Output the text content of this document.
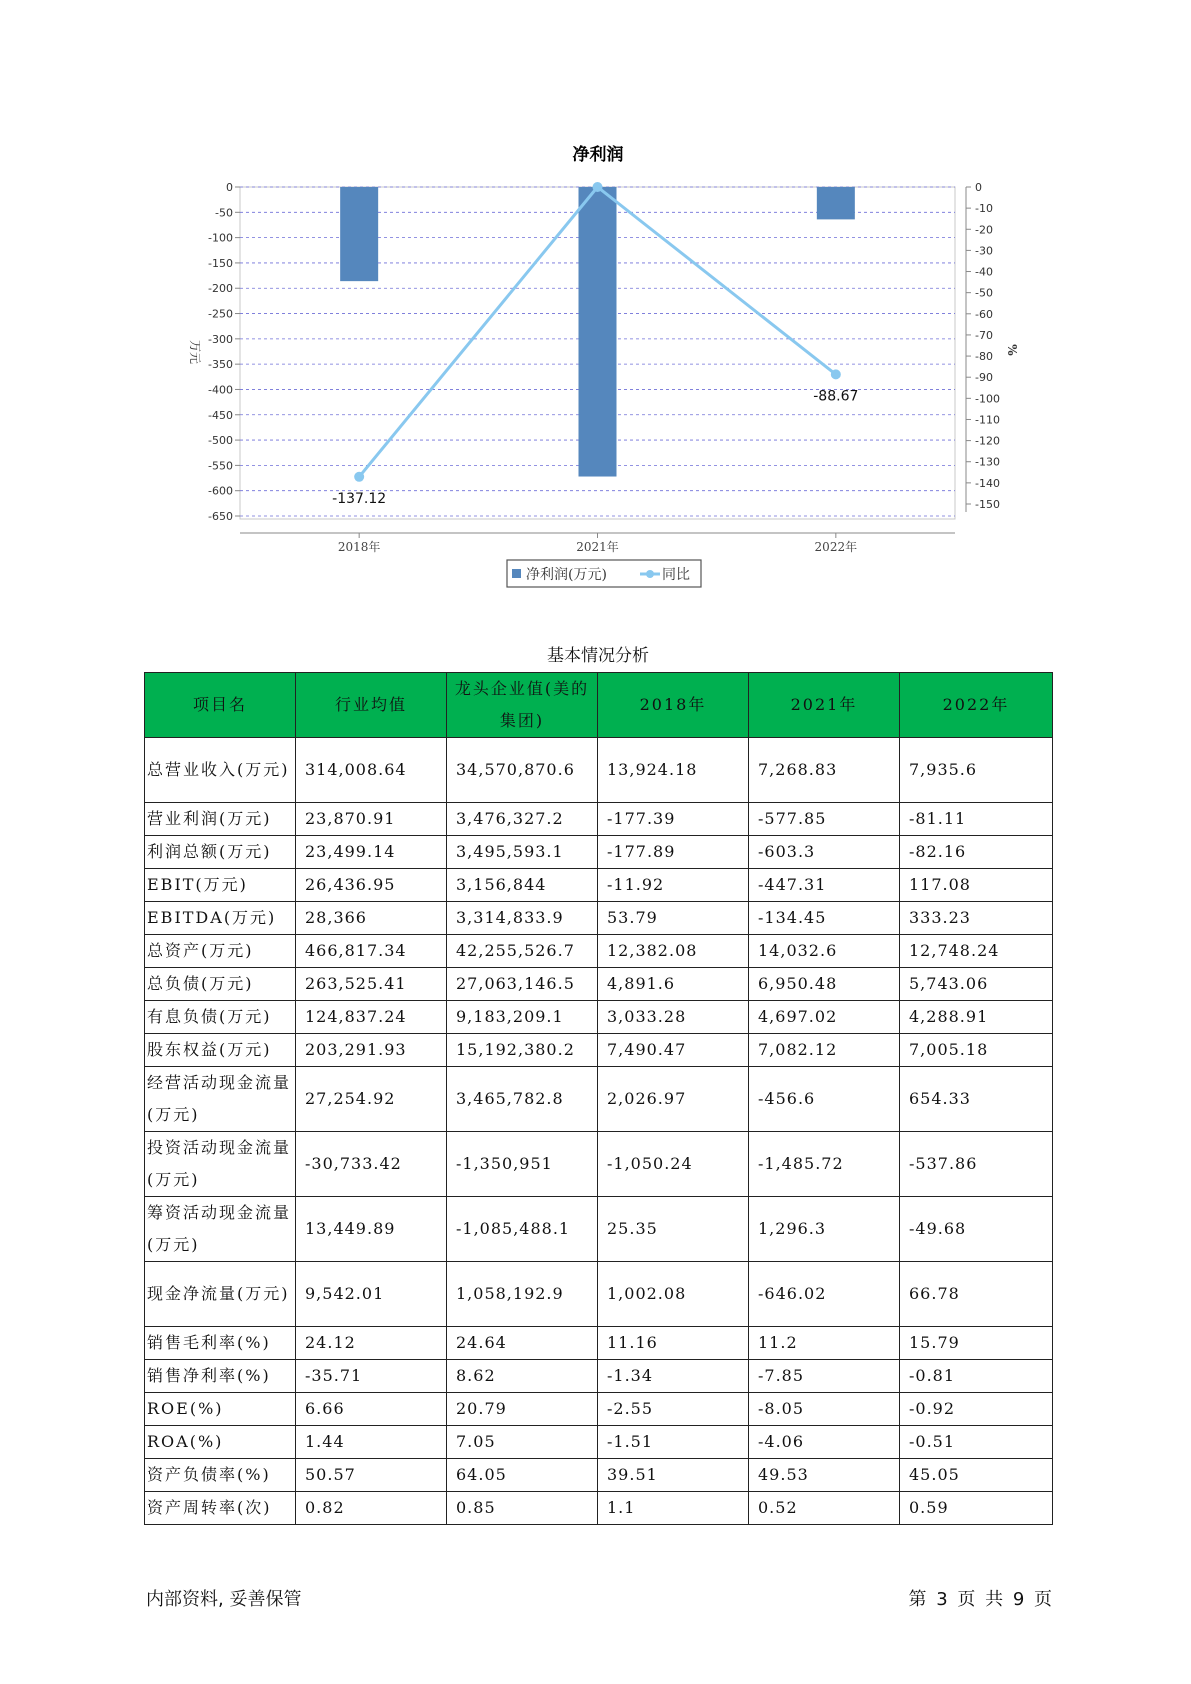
净利润
-137.12
-88.67
0
-50
-100
-150
-200
-250
-300
-350
-400
-450
-500
-550
-600
-650
0
-10
-20
-30
-40
-50
-60
-70
-80
-90
-100
-110
-120
-130
-140
-150
2018年	2021年	2022年
万元	%
净利润(万元)	同比
基本情况分析
项目名	行业均值	龙头企业值(美的集团)	2018年	2021年	2022年
总营业收入(万元)	314,008.64	34,570,870.6	13,924.18	7,268.83	7,935.6
营业利润(万元)	23,870.91	3,476,327.2	-177.39	-577.85	-81.11
利润总额(万元)	23,499.14	3,495,593.1	-177.89	-603.3	-82.16
EBIT(万元)	26,436.95	3,156,844	-11.92	-447.31	117.08
EBITDA(万元)	28,366	3,314,833.9	53.79	-134.45	333.23
总资产(万元)	466,817.34	42,255,526.7	12,382.08	14,032.6	12,748.24
总负债(万元)	263,525.41	27,063,146.5	4,891.6	6,950.48	5,743.06
有息负债(万元)	124,837.24	9,183,209.1	3,033.28	4,697.02	4,288.91
股东权益(万元)	203,291.93	15,192,380.2	7,490.47	7,082.12	7,005.18
经营活动现金流量(万元)	27,254.92	3,465,782.8	2,026.97	-456.6	654.33
投资活动现金流量(万元)	-30,733.42	-1,350,951	-1,050.24	-1,485.72	-537.86
筹资活动现金流量(万元)	13,449.89	-1,085,488.1	25.35	1,296.3	-49.68
现金净流量(万元)	9,542.01	1,058,192.9	1,002.08	-646.02	66.78
销售毛利率(%)	24.12	24.64	11.16	11.2	15.79
销售净利率(%)	-35.71	8.62	-1.34	-7.85	-0.81
ROE(%)	6.66	20.79	-2.55	-8.05	-0.92
ROA(%)	1.44	7.05	-1.51	-4.06	-0.51
资产负债率(%)	50.57	64.05	39.51	49.53	45.05
资产周转率(次)	0.82	0.85	1.1	0.52	0.59
内部资料, 妥善保管	第 3 页 共 9 页
